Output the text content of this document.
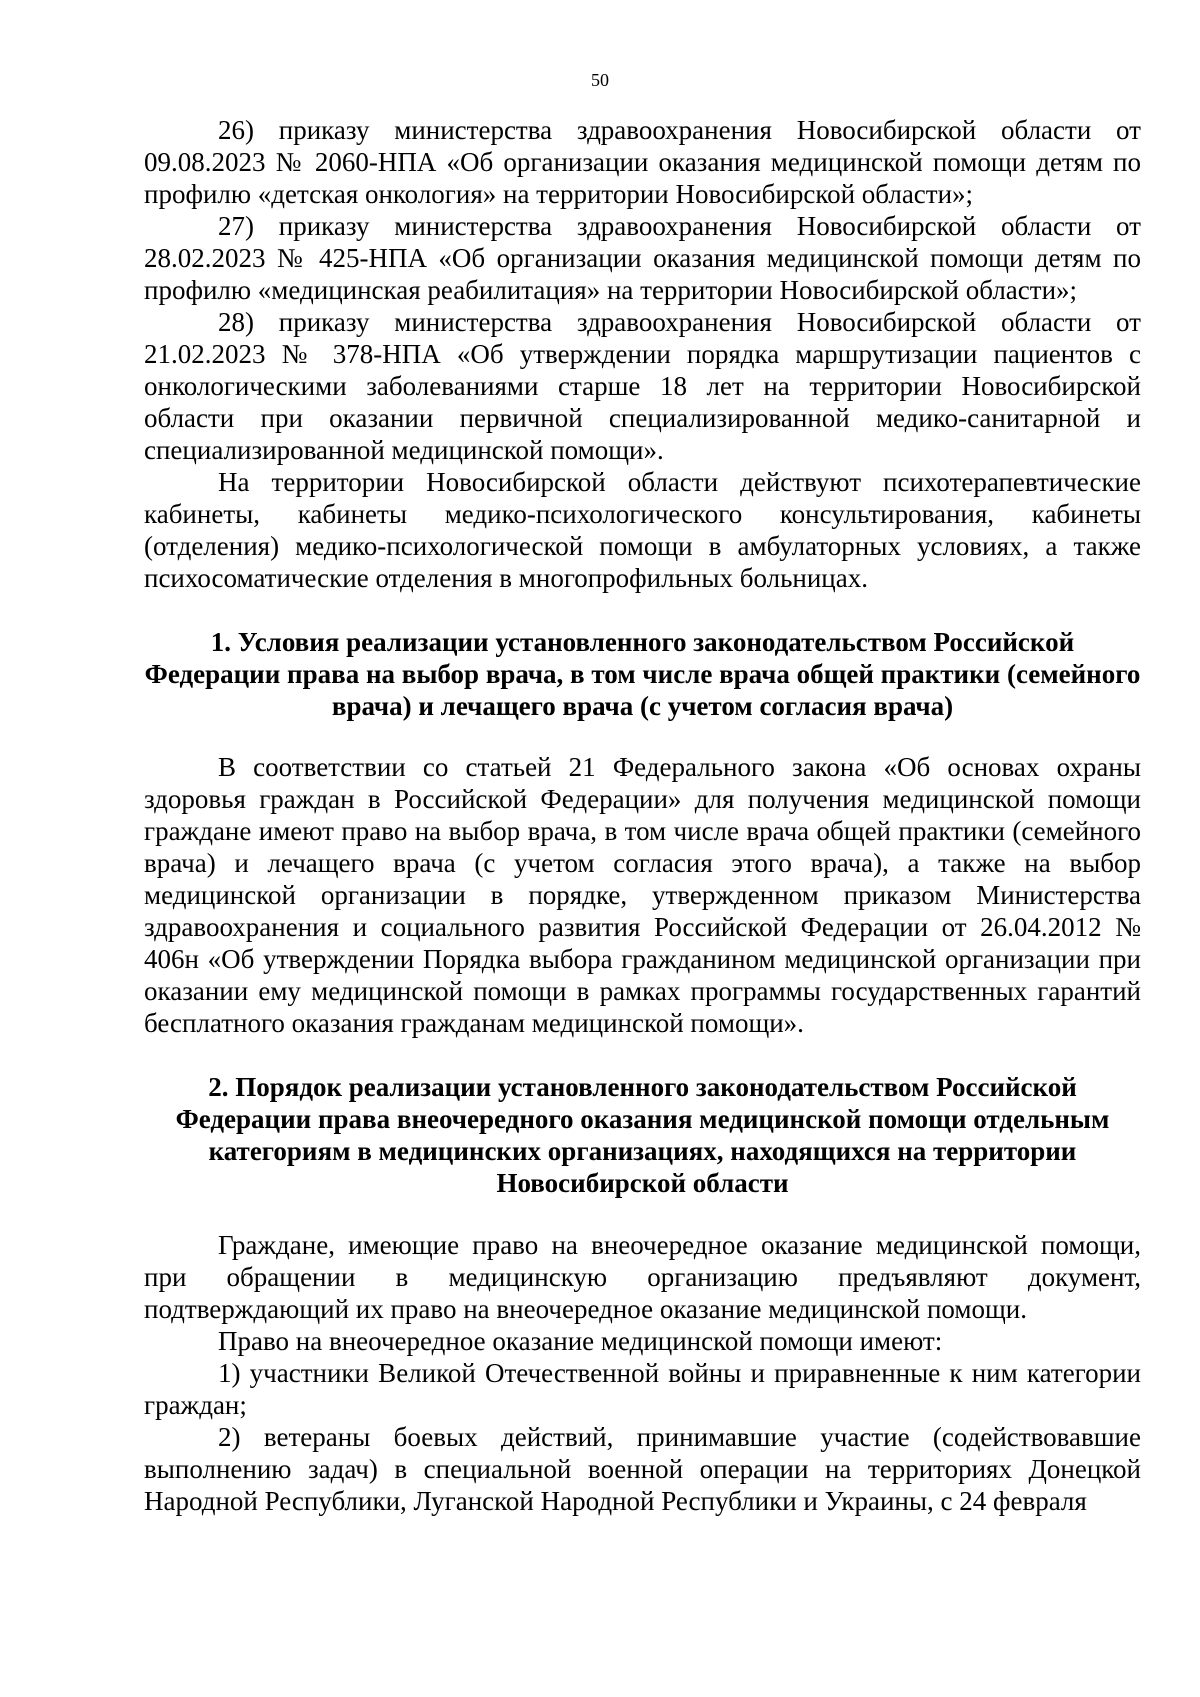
50

26) приказу министерства здравоохранения Новосибирской области от 09.08.2023 № 2060-НПА «Об организации оказания медицинской помощи детям по профилю «детская онкология» на территории Новосибирской области»;

27) приказу министерства здравоохранения Новосибирской области от 28.02.2023 № 425-НПА «Об организации оказания медицинской помощи детям по профилю «медицинская реабилитация» на территории Новосибирской области»;

28) приказу министерства здравоохранения Новосибирской области от 21.02.2023 № 378-НПА «Об утверждении порядка маршрутизации пациентов с онкологическими заболеваниями старше 18 лет на территории Новосибирской области при оказании первичной специализированной медико-санитарной и специализированной медицинской помощи».

На территории Новосибирской области действуют психотерапевтические кабинеты, кабинеты медико-психологического консультирования, кабинеты (отделения) медико-психологической помощи в амбулаторных условиях, а также психосоматические отделения в многопрофильных больницах.

1. Условия реализации установленного законодательством Российской Федерации права на выбор врача, в том числе врача общей практики (семейного врача) и лечащего врача (с учетом согласия врача)

В соответствии со статьей 21 Федерального закона «Об основах охраны здоровья граждан в Российской Федерации» для получения медицинской помощи граждане имеют право на выбор врача, в том числе врача общей практики (семейного врача) и лечащего врача (с учетом согласия этого врача), а также на выбор медицинской организации в порядке, утвержденном приказом Министерства здравоохранения и социального развития Российской Федерации от 26.04.2012 № 406н «Об утверждении Порядка выбора гражданином медицинской организации при оказании ему медицинской помощи в рамках программы государственных гарантий бесплатного оказания гражданам медицинской помощи».

2. Порядок реализации установленного законодательством Российской Федерации права внеочередного оказания медицинской помощи отдельным категориям в медицинских организациях, находящихся на территории Новосибирской области

Граждане, имеющие право на внеочередное оказание медицинской помощи, при обращении в медицинскую организацию предъявляют документ, подтверждающий их право на внеочередное оказание медицинской помощи.

Право на внеочередное оказание медицинской помощи имеют:

1) участники Великой Отечественной войны и приравненные к ним категории граждан;

2) ветераны боевых действий, принимавшие участие (содействовавшие выполнению задач) в специальной военной операции на территориях Донецкой Народной Республики, Луганской Народной Республики и Украины, с 24 февраля
